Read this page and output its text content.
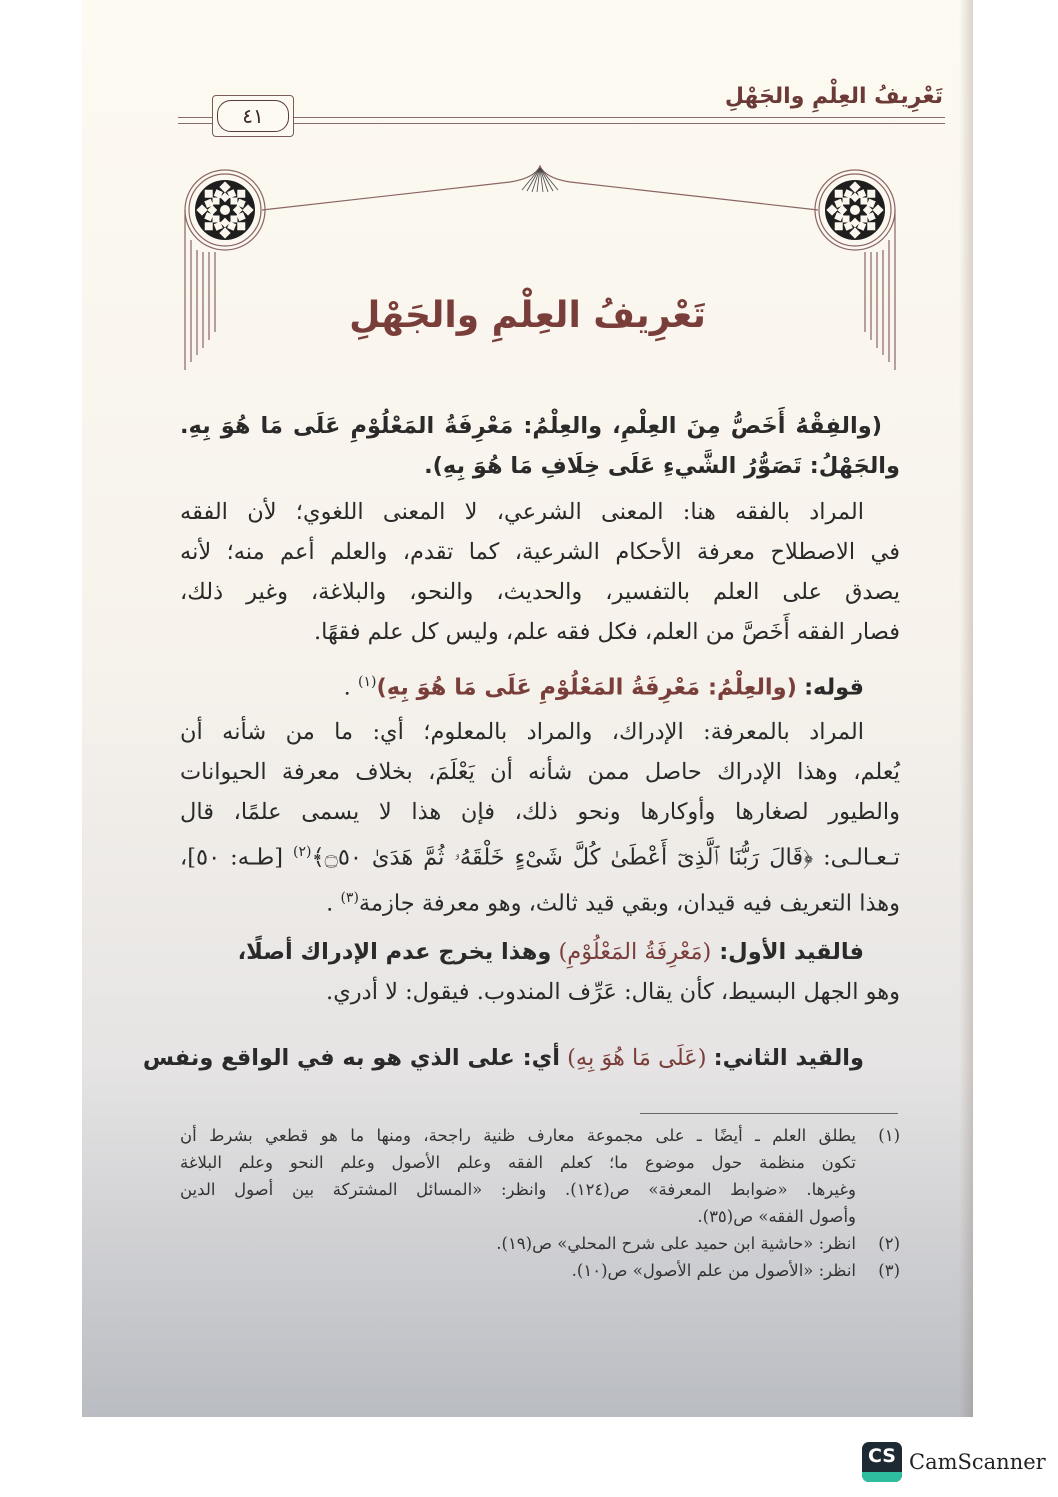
تَعْرِيفُ العِلْمِ والجَهْلِ
٤١
تَعْرِيفُ العِلْمِ والجَهْلِ
(والفِقْهُ أَخَصُّ مِنَ العِلْمِ، والعِلْمُ: مَعْرِفَةُ المَعْلُوْمِ عَلَى مَا هُوَ بِهِ.
والجَهْلُ: تَصَوُّرُ الشَّيءِ عَلَى خِلَافِ مَا هُوَ بِهِ).
المراد بالفقه هنا: المعنى الشرعي، لا المعنى اللغوي؛ لأن الفقه
في الاصطلاح معرفة الأحكام الشرعية، كما تقدم، والعلم أعم منه؛ لأنه
يصدق على العلم بالتفسير، والحديث، والنحو، والبلاغة، وغير ذلك،
فصار الفقه أَخَصَّ من العلم، فكل فقه علم، وليس كل علم فقهًا.
قوله: (والعِلْمُ: مَعْرِفَةُ المَعْلُوْمِ عَلَى مَا هُوَ بِهِ)$^{(١)}$ .
المراد بالمعرفة: الإدراك، والمراد بالمعلوم؛ أي: ما من شأنه أن
يُعلم، وهذا الإدراك حاصل ممن شأنه أن يَعْلَمَ، بخلاف معرفة الحيوانات
والطيور لصغارها وأوكارها ونحو ذلك، فإن هذا لا يسمى علمًا، قال
تـعـالـى: ﴿قَالَ رَبُّنَا ٱلَّذِىٓ أَعْطَىٰ كُلَّ شَىْءٍ خَلْقَهُۥ ثُمَّ هَدَىٰ ۝٥٠﴾$^{(٢)}$ [طـه: ٥٠]،
وهذا التعريف فيه قيدان، وبقي قيد ثالث، وهو معرفة جازمة$^{(٣)}$ .
فالقيد الأول: (مَعْرِفَةُ المَعْلُوْمِ) وهذا يخرج عدم الإدراك أصلًا،
وهو الجهل البسيط، كأن يقال: عَرِّف المندوب. فيقول: لا أدري.
والقيد الثاني: (عَلَى مَا هُوَ بِهِ) أي: على الذي هو به في الواقع ونفس
(١)
يطلق العلم ـ أيضًا ـ على مجموعة معارف ظنية راجحة، ومنها ما هو قطعي بشرط أن
تكون منظمة حول موضوع ما؛ كعلم الفقه وعلم الأصول وعلم النحو وعلم البلاغة
وغيرها. «ضوابط المعرفة» ص(١٢٤). وانظر: «المسائل المشتركة بين أصول الدين
وأصول الفقه» ص(٣٥).
(٢)
انظر: «حاشية ابن حميد على شرح المحلي» ص(١٩).
(٣)
انظر: «الأصول من علم الأصول» ص(١٠).
CS CamScanner
